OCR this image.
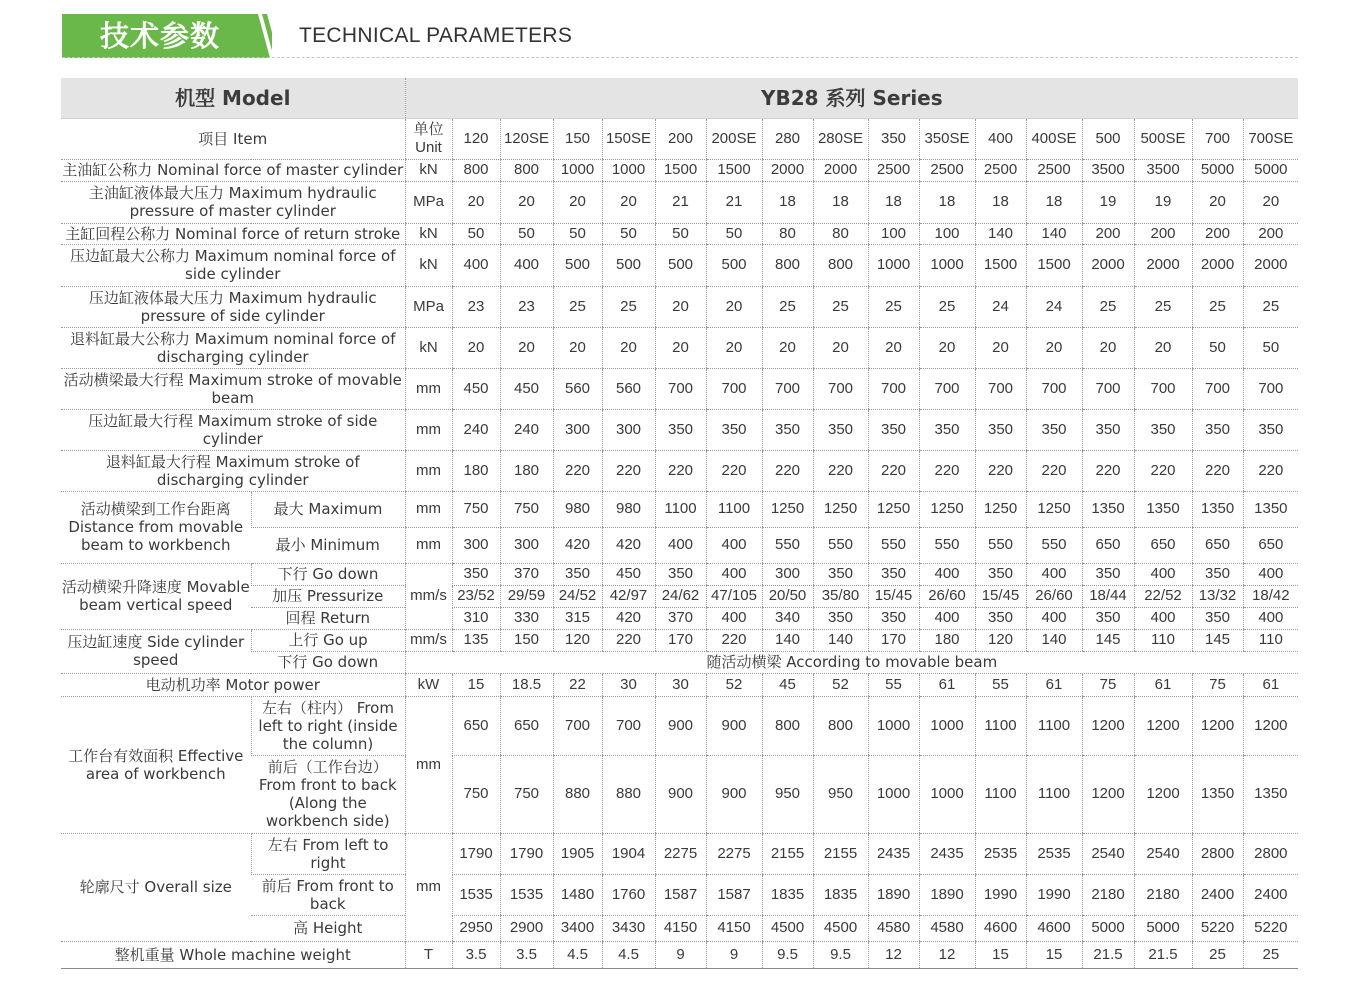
技术参数	TECHNICAL PARAMETERS
机型 Model		YB28 系列 Series																
项目 Item		单位 Unit	120	120SE	150	150SE	200	200SE	280	280SE	350	350SE	400	400SE	500	500SE	700	700SE
主油缸公称力 Nominal force of master cylinder		kN	800	800	1000	1000	1500	1500	2000	2000	2500	2500	2500	2500	3500	3500	5000	5000
主油缸液体最大压力 Maximum hydraulic pressure of master cylinder		MPa	20	20	20	20	21	21	18	18	18	18	18	18	19	19	20	20
主缸回程公称力 Nominal force of return stroke		kN	50	50	50	50	50	50	80	80	100	100	140	140	200	200	200	200
压边缸最大公称力 Maximum nominal force of side cylinder		kN	400	400	500	500	500	500	800	800	1000	1000	1500	1500	2000	2000	2000	2000
压边缸液体最大压力 Maximum hydraulic pressure of side cylinder		MPa	23	23	25	25	20	20	25	25	25	25	24	24	25	25	25	25
退料缸最大公称力 Maximum nominal force of discharging cylinder		kN	20	20	20	20	20	20	20	20	20	20	20	20	20	20	50	50
活动横梁最大行程 Maximum stroke of movable beam		mm	450	450	560	560	700	700	700	700	700	700	700	700	700	700	700	700
压边缸最大行程 Maximum stroke of side cylinder		mm	240	240	300	300	350	350	350	350	350	350	350	350	350	350	350	350
退料缸最大行程 Maximum stroke of discharging cylinder		mm	180	180	220	220	220	220	220	220	220	220	220	220	220	220	220	220
活动横梁到工作台距离 Distance from movable beam to workbench	最大 Maximum	mm	750	750	980	980	1100	1100	1250	1250	1250	1250	1250	1250	1350	1350	1350	1350
	最小 Minimum	mm	300	300	420	420	400	400	550	550	550	550	550	550	650	650	650	650
活动横梁升降速度 Movable beam vertical speed	下行 Go down	mm/s	350	370	350	450	350	400	300	350	350	400	350	400	350	400	350	400
	加压 Pressurize		23/52	29/59	24/52	42/97	24/62	47/105	20/50	35/80	15/45	26/60	15/45	26/60	18/44	22/52	13/32	18/42
	回程 Return		310	330	315	420	370	400	340	350	350	400	350	400	350	400	350	400
压边缸速度 Side cylinder speed	上行 Go up	mm/s	135	150	120	220	170	220	140	140	170	180	120	140	145	110	145	110
	下行 Go down	随活动横梁 According to movable beam																
电动机功率 Motor power		kW	15	18.5	22	30	30	52	45	52	55	61	55	61	75	61	75	61
工作台有效面积 Effective area of workbench	左右（柱内） From left to right (inside the column)	mm	650	650	700	700	900	900	800	800	1000	1000	1100	1100	1200	1200	1200	1200
	前后（工作台边） From front to back (Along the workbench side)		750	750	880	880	900	900	950	950	1000	1000	1100	1100	1200	1200	1350	1350
轮廓尺寸 Overall size	左右 From left to right	mm	1790	1790	1905	1904	2275	2275	2155	2155	2435	2435	2535	2535	2540	2540	2800	2800
	前后 From front to back		1535	1535	1480	1760	1587	1587	1835	1835	1890	1890	1990	1990	2180	2180	2400	2400
	高 Height		2950	2900	3400	3430	4150	4150	4500	4500	4580	4580	4600	4600	5000	5000	5220	5220
整机重量 Whole machine weight		T	3.5	3.5	4.5	4.5	9	9	9.5	9.5	12	12	15	15	21.5	21.5	25	25
